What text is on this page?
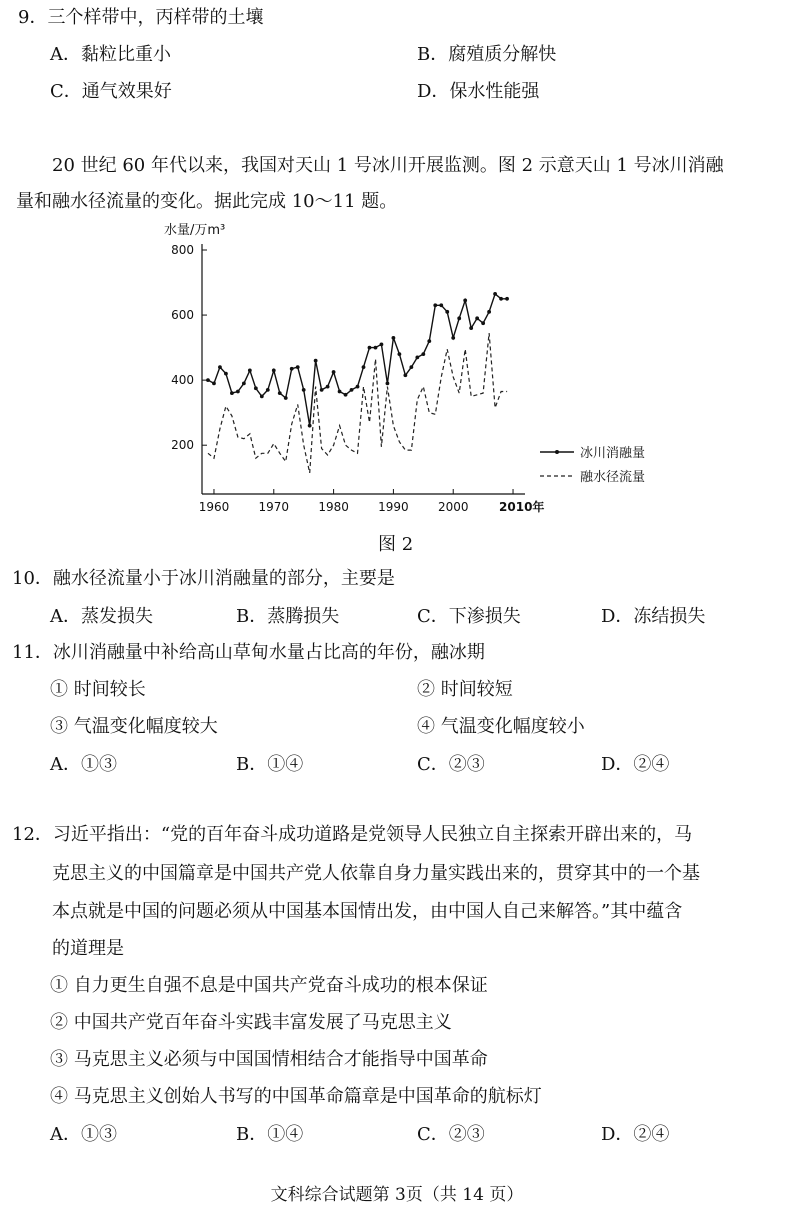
9．三个样带中，丙样带的土壤
A．黏粒比重小	B．腐殖质分解快
C．通气效果好	D．保水性能强
20 世纪 60 年代以来，我国对天山 1 号冰川开展监测。图 2 示意天山 1 号冰川消融
量和融水径流量的变化。据此完成 10～11 题。
水量/万m³
200
400
600
800
1960 1970 1980 1990 2000	2010年
冰川消融量
融水径流量
图 2
10．融水径流量小于冰川消融量的部分，主要是
A．蒸发损失	B．蒸腾损失	C．下渗损失	D．冻结损失
11．冰川消融量中补给高山草甸水量占比高的年份，融冰期
① 时间较长	② 时间较短
③ 气温变化幅度较大	④ 气温变化幅度较小
A．①③	B．①④	C．②③	D．②④
12．习近平指出：“党的百年奋斗成功道路是党领导人民独立自主探索开辟出来的，马
克思主义的中国篇章是中国共产党人依靠自身力量实践出来的，贯穿其中的一个基
本点就是中国的问题必须从中国基本国情出发，由中国人自己来解答。”其中蕴含
的道理是
① 自力更生自强不息是中国共产党奋斗成功的根本保证
② 中国共产党百年奋斗实践丰富发展了马克思主义
③ 马克思主义必须与中国国情相结合才能指导中国革命
④ 马克思主义创始人书写的中国革命篇章是中国革命的航标灯
A．①③	B．①④	C．②③	D．②④
文科综合试题第 3页（共 14 页）
